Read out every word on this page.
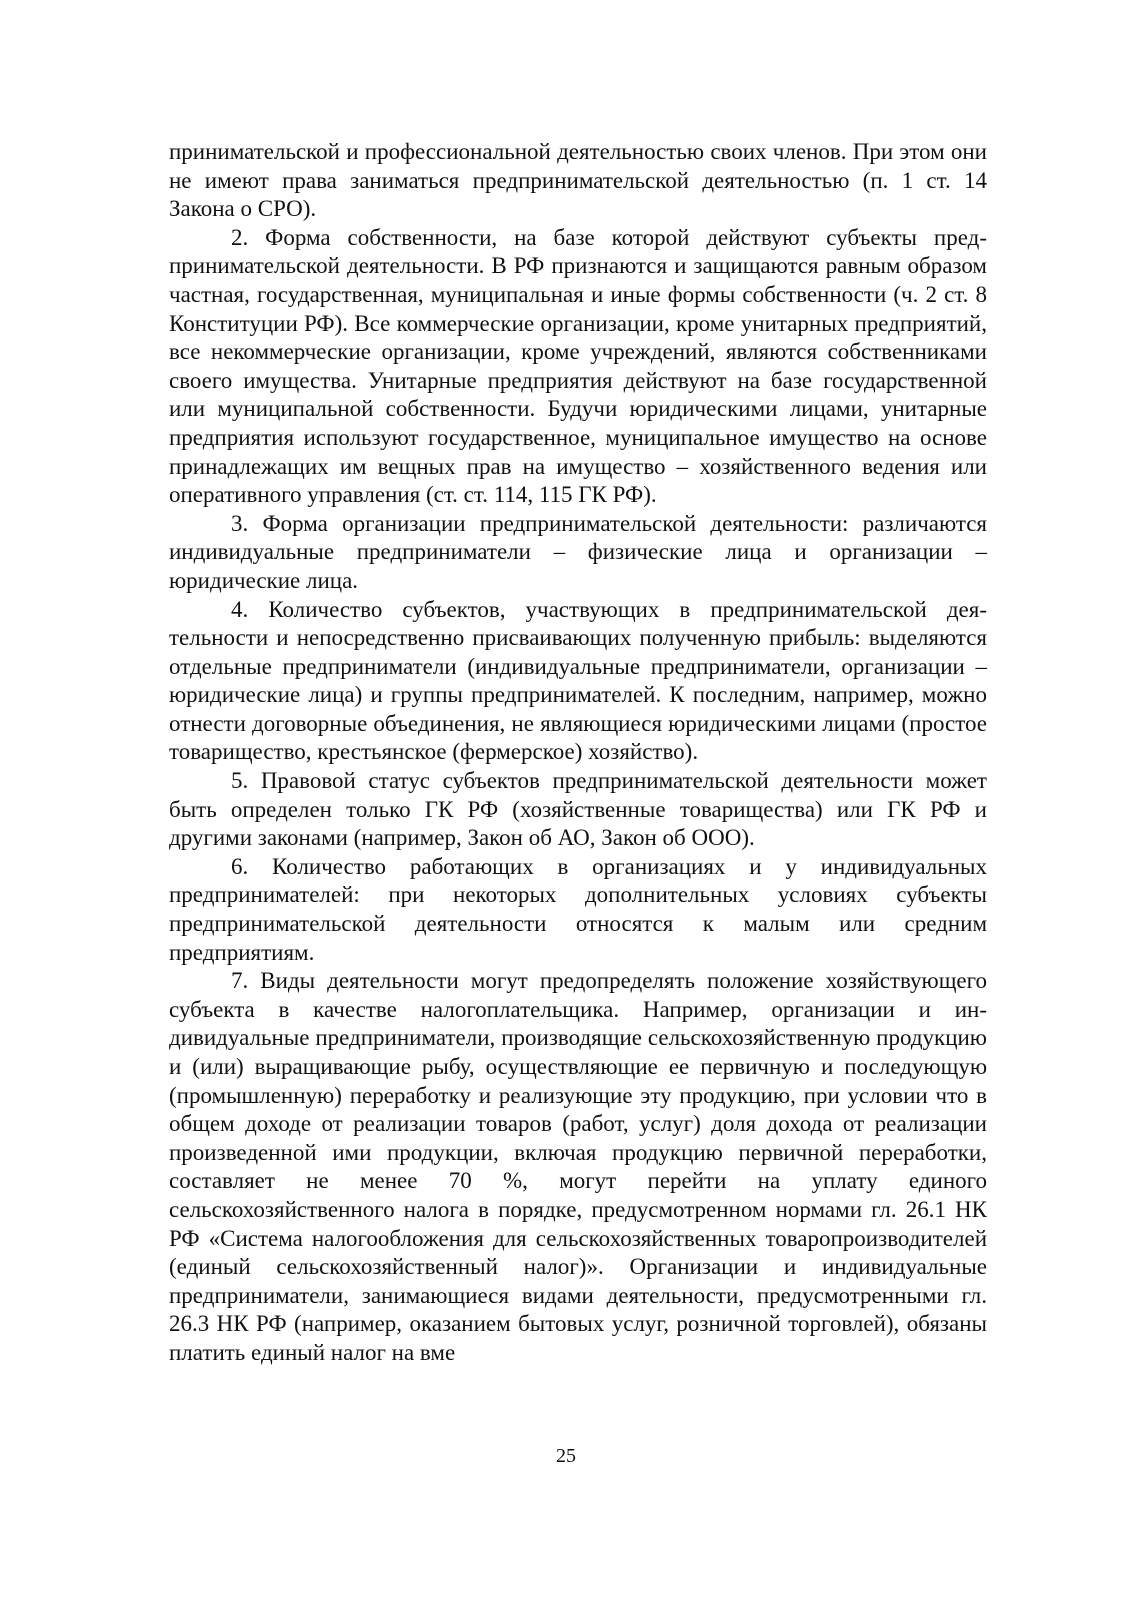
принимательской и профессиональной деятельностью своих членов. При этом они не имеют права заниматься предпринимательской деятельностью (п. 1 ст. 14 Закона о СРО).

2. Форма собственности, на базе которой действуют субъекты предпринимательской деятельности. В РФ признаются и защищаются равным образом частная, государственная, муниципальная и иные формы собственности (ч. 2 ст. 8 Конституции РФ). Все коммерческие организации, кроме унитарных предприятий, все некоммерческие организации, кроме учреждений, являются собственниками своего имущества. Унитарные предприятия действуют на базе государственной или муниципальной собственности. Будучи юридическими лицами, унитарные предприятия используют государственное, муниципальное имущество на основе принадлежащих им вещных прав на имущество – хозяйственного ведения или оперативного управления (ст. ст. 114, 115 ГК РФ).

3. Форма организации предпринимательской деятельности: различаются индивидуальные предприниматели – физические лица и организации – юридические лица.

4. Количество субъектов, участвующих в предпринимательской деятельности и непосредственно присваивающих полученную прибыль: выделяются отдельные предприниматели (индивидуальные предприниматели, организации – юридические лица) и группы предпринимателей. К последним, например, можно отнести договорные объединения, не являющиеся юридическими лицами (простое товарищество, крестьянское (фермерское) хозяйство).

5. Правовой статус субъектов предпринимательской деятельности может быть определен только ГК РФ (хозяйственные товарищества) или ГК РФ и другими законами (например, Закон об АО, Закон об ООО).

6. Количество работающих в организациях и у индивидуальных предпринимателей: при некоторых дополнительных условиях субъекты предпринимательской деятельности относятся к малым или средним предприятиям.

7. Виды деятельности могут предопределять положение хозяйствующего субъекта в качестве налогоплательщика. Например, организации и индивидуальные предприниматели, производящие сельскохозяйственную продукцию и (или) выращивающие рыбу, осуществляющие ее первичную и последующую (промышленную) переработку и реализующие эту продукцию, при условии что в общем доходе от реализации товаров (работ, услуг) доля дохода от реализации произведенной ими продукции, включая продукцию первичной переработки, составляет не менее 70 %, могут перейти на уплату единого сельскохозяйственного налога в порядке, предусмотренном нормами гл. 26.1 НК РФ «Система налогообложения для сельскохозяйственных товаропроизводителей (единый сельскохозяйственный налог)». Организации и индивидуальные предприниматели, занимающиеся видами деятельности, предусмотренными гл. 26.3 НК РФ (например, оказанием бытовых услуг, розничной торговлей), обязаны платить единый налог на вме

25
